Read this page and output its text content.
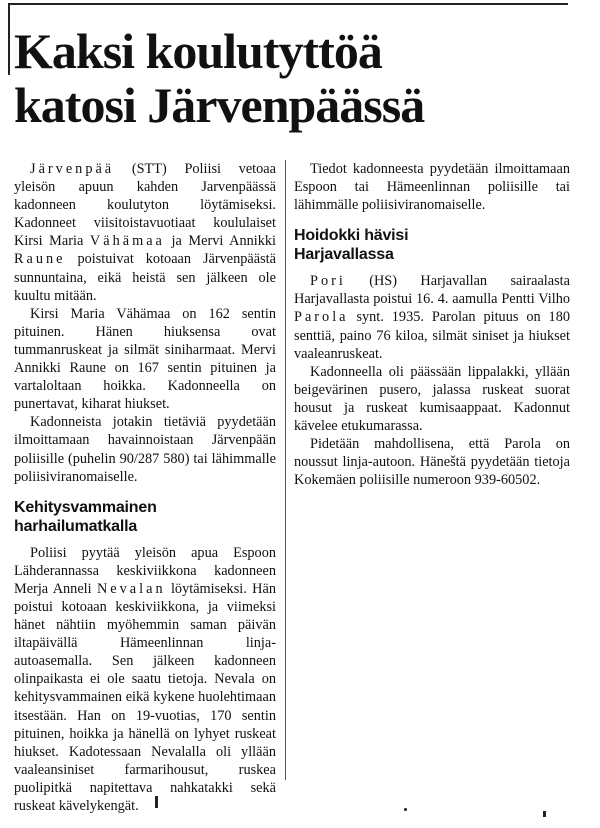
Kaksi koulutyttöä
katosi Järvenpäässä

Järvenpää (STT) Poliisi vetoaa yleisön apuun kahden Jarvenpäässä kadonneen koulutyton löytämiseksi. Kadonneet viisitoistavuotiaat koululaiset Kirsi Maria Vähämaa ja Mervi Annikki Raune poistuivat kotoaan Järvenpäästä sunnuntaina, eikä heistä sen jälkeen ole kuultu mitään.

Kirsi Maria Vähämaa on 162 sentin pituinen. Hänen hiuksensa ovat tummanruskeat ja silmät siniharmaat. Mervi Annikki Raune on 167 sentin pituinen ja vartaloltaan hoikka. Kadonneella on punertavat, kiharat hiukset.

Kadonneista jotakin tietäviä pyydetään ilmoittamaan havainnoistaan Järvenpään poliisille (puhelin 90/287 580) tai lähimmalle poliisiviranomaiselle.

Kehitysvammainen
harhailumatkalla

Poliisi pyytää yleisön apua Espoon Lähderannassa keskiviikkona kadonneen Merja Anneli Nevalan löytämiseksi. Hän poistui kotoaan keskiviikkona, ja viimeksi hänet nähtiin myöhemmin saman päivän iltapäivällä Hämeenlinnan linja-autoasemalla. Sen jälkeen kadonneen olinpaikasta ei ole saatu tietoja. Nevala on kehitysvammainen eikä kykene huolehtimaan itsestään. Han on 19-vuotias, 170 sentin pituinen, hoikka ja hänellä on lyhyet ruskeat hiukset. Kadotessaan Nevalalla oli yllään vaaleansiniset farmarihousut, ruskea puolipitkä napitettava nahkatakki sekä ruskeat kävelykengät.

Tiedot kadonneesta pyydetään ilmoittamaan Espoon tai Hämeenlinnan poliisille tai lähimmälle poliisiviranomaiselle.

Hoidokki hävisi
Harjavallassa

Pori (HS) Harjavallan sairaalasta Harjavallasta poistui 16. 4. aamulla Pentti Vilho Parola synt. 1935. Parolan pituus on 180 senttiä, paino 76 kiloa, silmät siniset ja hiukset vaaleanruskeat.

Kadonneella oli päässään lippalakki, yllään beigevärinen pusero, jalassa ruskeat suorat housut ja ruskeat kumisaappaat. Kadonnut kävelee etukumarassa.

Pidetään mahdollisena, että Parola on noussut linja-autoon. Häneštä pyydetään tietoja Kokemäen poliisille numeroon 939-60502.
